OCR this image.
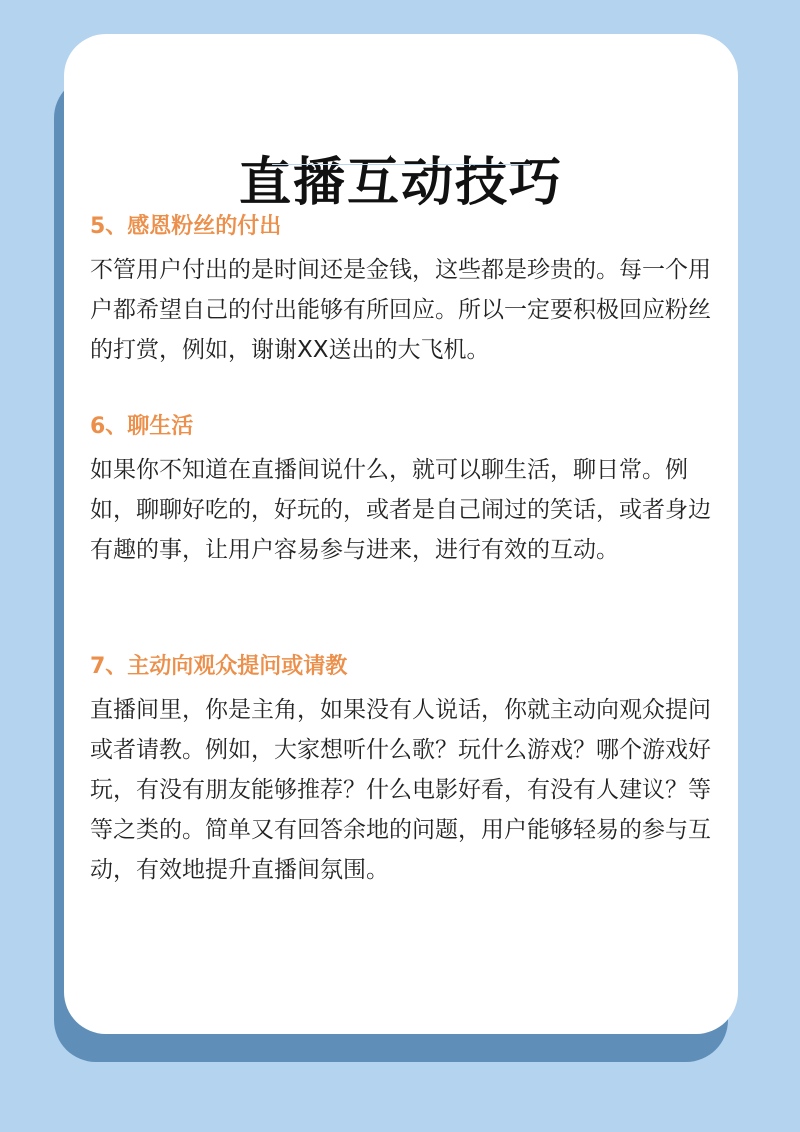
直播互动技巧
5、感恩粉丝的付出

不管用户付出的是时间还是金钱，这些都是珍贵的。每一个用户都希望自己的付出能够有所回应。所以一定要积极回应粉丝的打赏，例如，谢谢XX送出的大飞机。

6、聊生活

如果你不知道在直播间说什么，就可以聊生活，聊日常。例如，聊聊好吃的，好玩的，或者是自己闹过的笑话，或者身边有趣的事，让用户容易参与进来，进行有效的互动。

7、主动向观众提问或请教

直播间里，你是主角，如果没有人说话，你就主动向观众提问或者请教。例如，大家想听什么歌？玩什么游戏？哪个游戏好玩，有没有朋友能够推荐？什么电影好看，有没有人建议？等等之类的。简单又有回答余地的问题，用户能够轻易的参与互动，有效地提升直播间氛围。
